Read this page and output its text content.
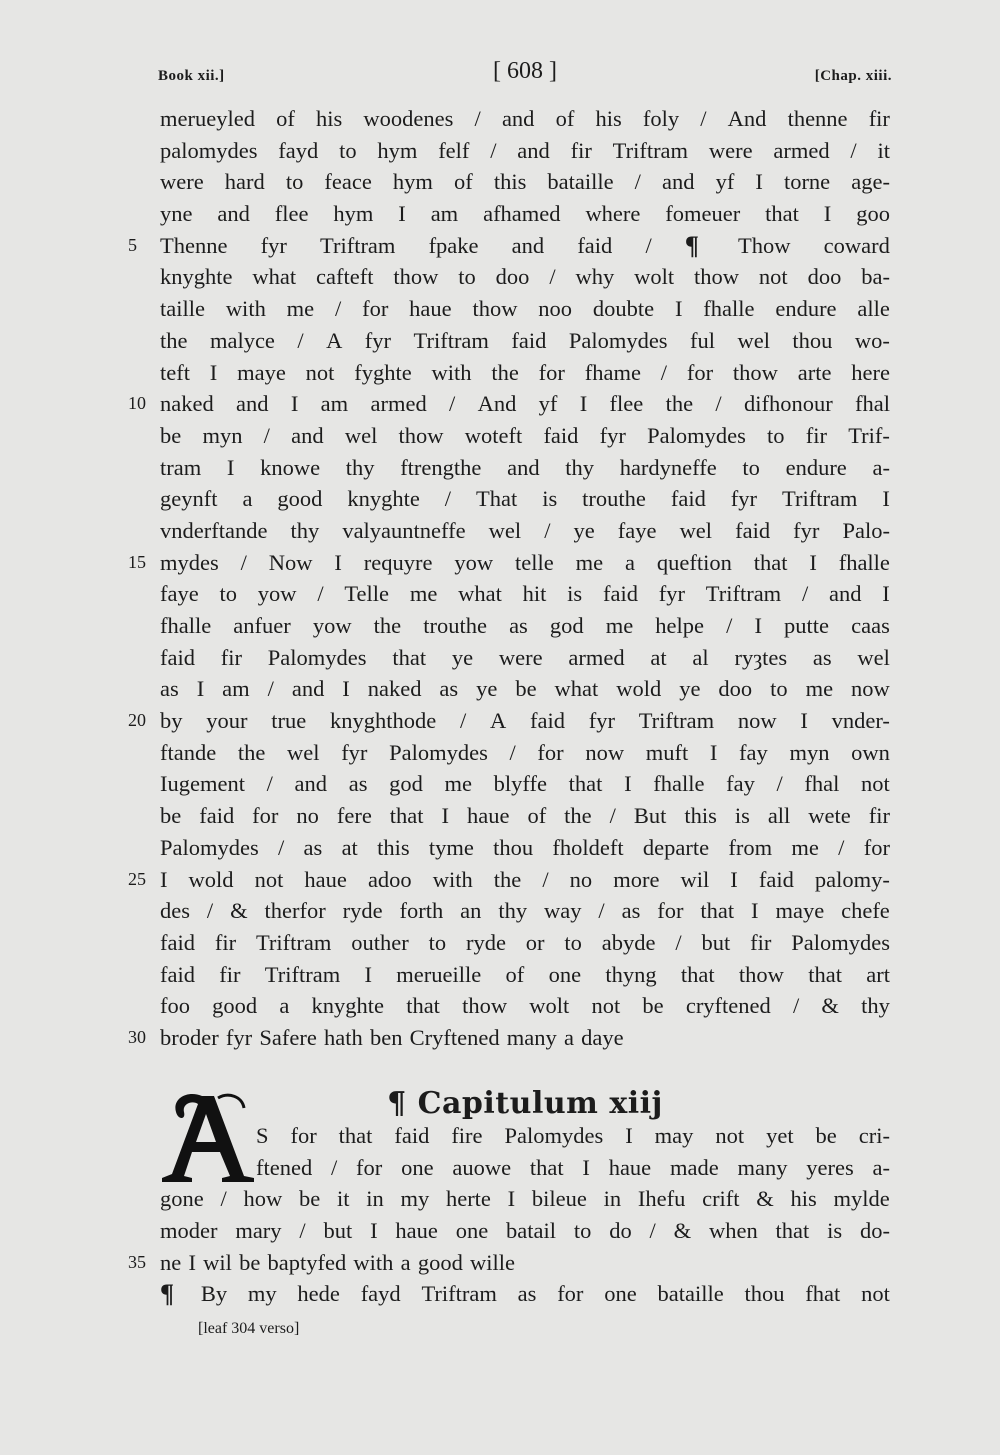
Book xii.]	[ 608 ]	[Chap. xiii.
merueyled of his woodenes / and of his foly / And thenne fir
palomydes fayd to hym felf / and fir Triftram were armed / it
were hard to feace hym of this bataille / and yf I torne age-
yne and flee hym I am afhamed where fomeuer that I goo
5	Thenne fyr Triftram fpake and faid / ¶ Thow coward
knyghte what cafteft thow to doo / why wolt thow not doo ba-
taille with me / for haue thow noo doubte I fhalle endure alle
the malyce / A fyr Triftram faid Palomydes ful wel thou wo-
teft I maye not fyghte with the for fhame / for thow arte here
10 naked and I am armed / And yf I flee the / difhonour fhal
be myn / and wel thow woteft faid fyr Palomydes to fir Trif-
tram I knowe thy ftrengthe and thy hardyneffe to endure a-
geynft a good knyghte / That is trouthe faid fyr Triftram I
vnderftande thy valyauntneffe wel / ye faye wel faid fyr Palo-
15 mydes / Now I requyre yow telle me a queftion that I fhalle
faye to yow / Telle me what hit is faid fyr Triftram / and I
fhalle anfuer yow the trouthe as god me helpe / I putte caas
faid fir Palomydes that ye were armed at al ryȝtes as wel
as I am / and I naked as ye be what wold ye doo to me now
20 by your true knyghthode / A faid fyr Triftram now I vnder-
ftande the wel fyr Palomydes / for now muft I fay myn own
Iugement / and as god me blyffe that I fhalle fay / fhal not
be faid for no fere that I haue of the / But this is all wete fir
Palomydes / as at this tyme thou fholdeft departe from me / for
25 I wold not haue adoo with the / no more wil I faid palomy-
des / & therfor ryde forth an thy way / as for that I maye chefe
faid fir Triftram outher to ryde or to abyde / but fir Palomydes
faid fir Triftram I merueille of one thyng that thow that art
foo good a knyghte that thow wolt not be cryftened / & thy
30 broder fyr Safere hath ben Cryftened many a daye
¶ Capitulum xiij
S for that faid fire Palomydes I may not yet be cri-
ftened / for one auowe that I haue made many yeres a-
gone / how be it in my herte I bileue in Ihefu crift & his mylde
moder mary / but I haue one batail to do / & when that is do-
35 ne I wil be baptyfed with a good wille
¶ By my hede fayd Triftram as for one bataille thou fhat not
[leaf 304 verso]
